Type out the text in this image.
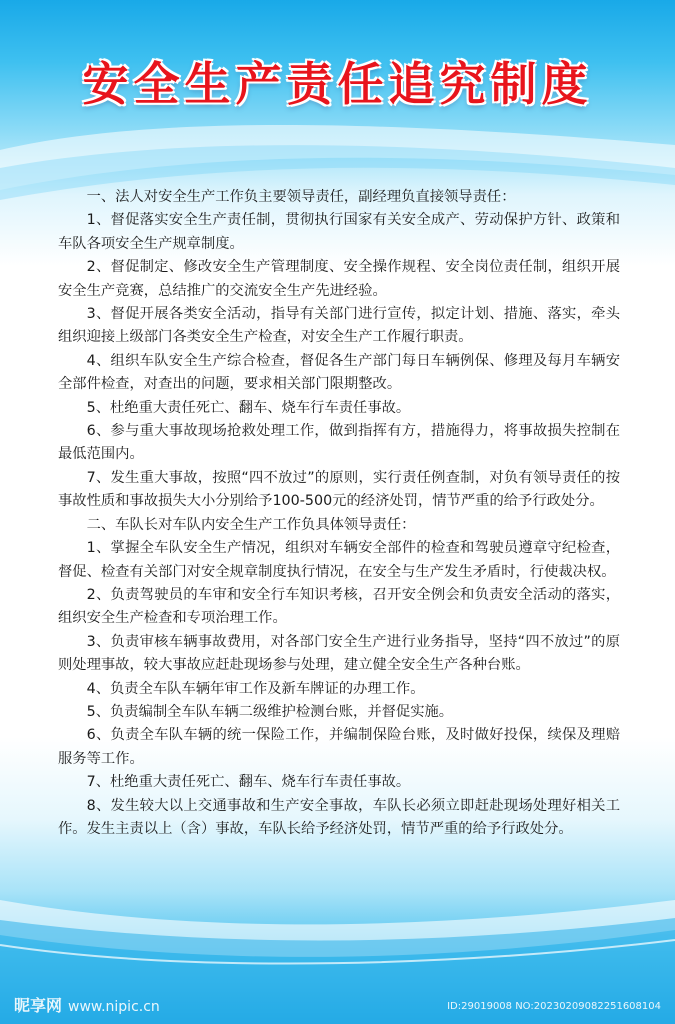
安全生产责任追究制度

一、法人对安全生产工作负主要领导责任，副经理负直接领导责任：

1、督促落实安全生产责任制，贯彻执行国家有关安全成产、劳动保护方针、政策和车队各项安全生产规章制度。

2、督促制定、修改安全生产管理制度、安全操作规程、安全岗位责任制，组织开展安全生产竞赛，总结推广的交流安全生产先进经验。

3、督促开展各类安全活动，指导有关部门进行宣传，拟定计划、措施、落实，牵头组织迎接上级部门各类安全生产检查，对安全生产工作履行职责。

4、组织车队安全生产综合检查，督促各生产部门每日车辆例保、修理及每月车辆安全部件检查，对查出的问题，要求相关部门限期整改。

5、杜绝重大责任死亡、翻车、烧车行车责任事故。

6、参与重大事故现场抢救处理工作，做到指挥有方，措施得力，将事故损失控制在最低范围内。

7、发生重大事故，按照“四不放过”的原则，实行责任例查制，对负有领导责任的按事故性质和事故损失大小分别给予100-500元的经济处罚，情节严重的给予行政处分。

二、车队长对车队内安全生产工作负具体领导责任：

1、掌握全车队安全生产情况，组织对车辆安全部件的检查和驾驶员遵章守纪检查，督促、检查有关部门对安全规章制度执行情况，在安全与生产发生矛盾时，行使裁决权。

2、负责驾驶员的车审和安全行车知识考核，召开安全例会和负责安全活动的落实，组织安全生产检查和专项治理工作。

3、负责审核车辆事故费用，对各部门安全生产进行业务指导，坚持“四不放过”的原则处理事故，较大事故应赶赴现场参与处理，建立健全安全生产各种台账。

4、负责全车队车辆年审工作及新车牌证的办理工作。

5、负责编制全车队车辆二级维护检测台账，并督促实施。

6、负责全车队车辆的统一保险工作，并编制保险台账，及时做好投保，续保及理赔服务等工作。

7、杜绝重大责任死亡、翻车、烧车行车责任事故。

8、发生较大以上交通事故和生产安全事故，车队长必须立即赶赴现场处理好相关工作。发生主责以上（含）事故，车队长给予经济处罚，情节严重的给予行政处分。

昵享网 www.nipic.cn	ID:29019008 NO:20230209082251608104
